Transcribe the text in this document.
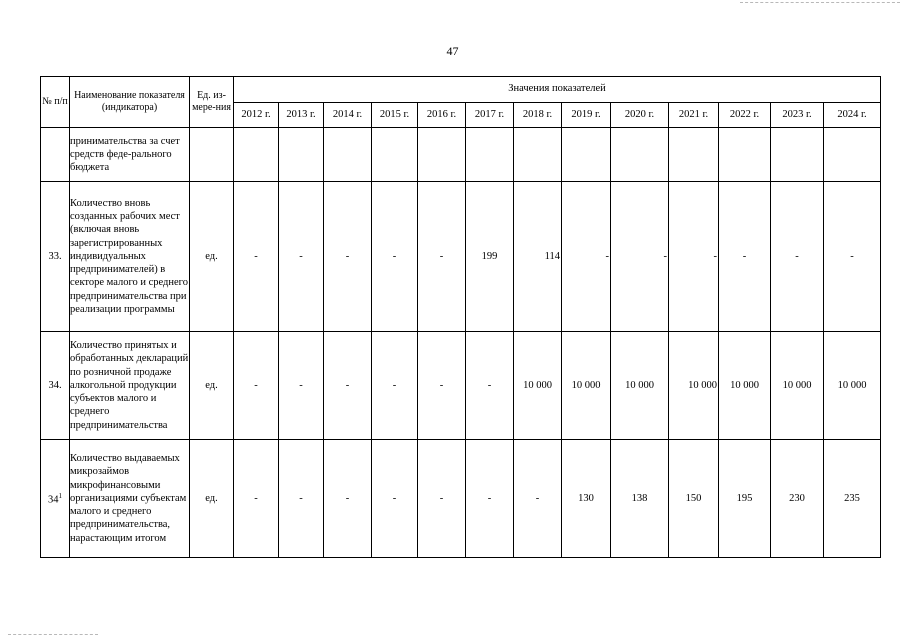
47
№ п/п	Наименование показателя (индикатора)	Ед. из-мере-ния	Значения показателей												
			2012 г.	2013 г.	2014 г.	2015 г.	2016 г.	2017 г.	2018 г.	2019 г.	2020 г.	2021 г.	2022 г.	2023 г.	2024 г.
	принимательства за счет средств феде-рального бюджета														
33.	Количество вновь созданных рабочих мест (включая вновь зарегистрированных индивидуальных предпринимателей) в секторе малого и среднего предпринимательства при реализации программы	ед.	-	-	-	-	-	199	114	-	-	-	-	-	-
34.	Количество принятых и обработанных деклараций по розничной продаже алкогольной продукции субъектов малого и среднего предпринимательства	ед.	-	-	-	-	-	-	10 000	10 000	10 000	10 000	10 000	10 000	10 000
$34^1$	Количество выдаваемых микрозаймов микрофинансовыми организациями субъектам малого и среднего предпринимательства, нарастающим итогом	ед.	-	-	-	-	-	-	-	130	138	150	195	230	235
